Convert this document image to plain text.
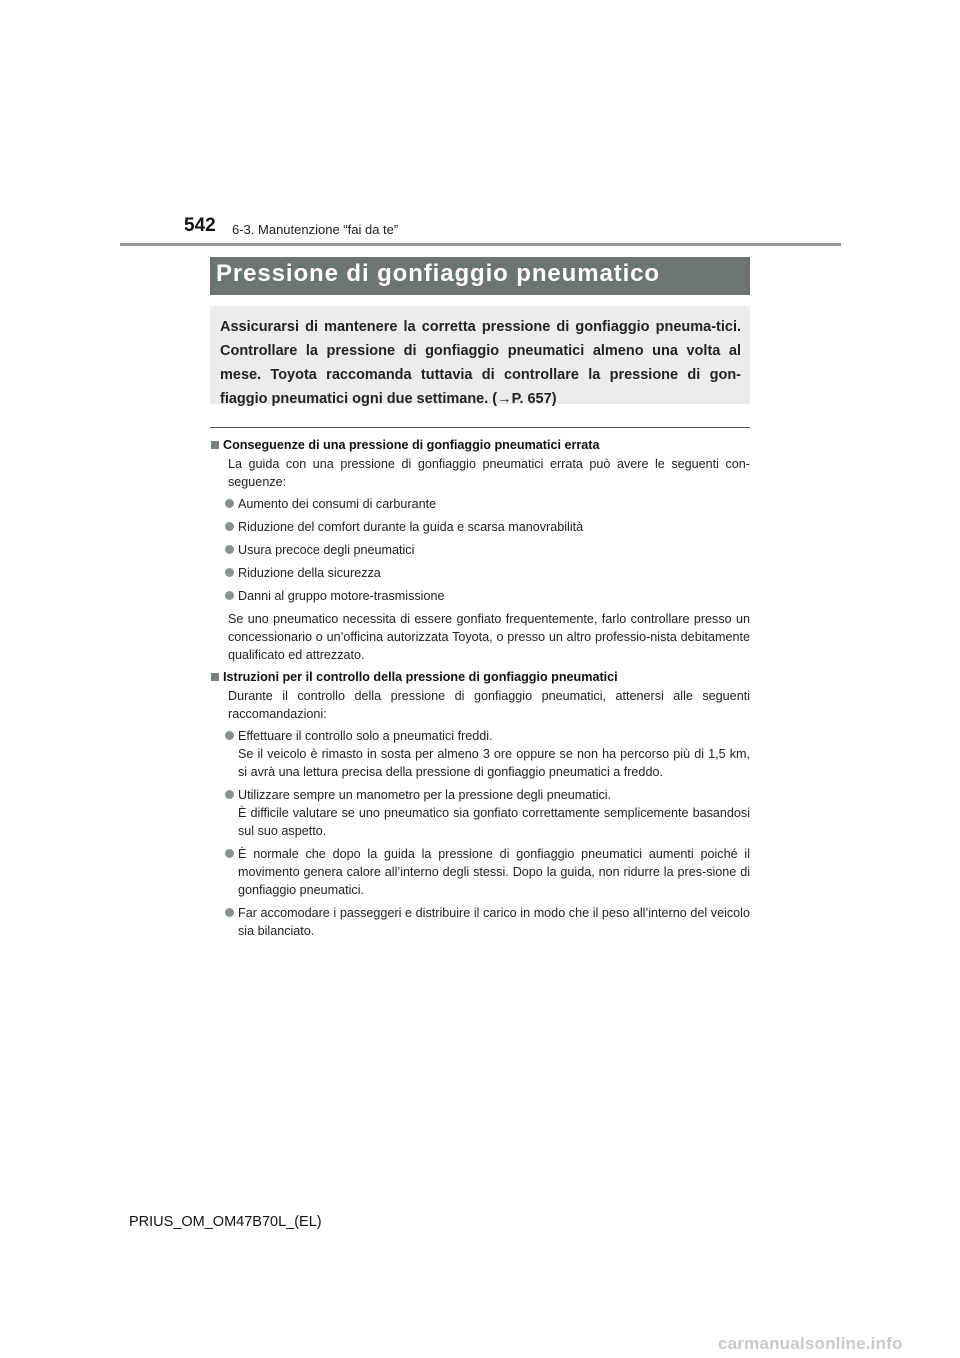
542 6-3. Manutenzione “fai da te”
Pressione di gonfiaggio pneumatico
Assicurarsi di mantenere la corretta pressione di gonfiaggio pneuma-tici. Controllare la pressione di gonfiaggio pneumatici almeno una volta al mese. Toyota raccomanda tuttavia di controllare la pressione di gon-fiaggio pneumatici ogni due settimane. (→P. 657)
Conseguenze di una pressione di gonfiaggio pneumatici errata
La guida con una pressione di gonfiaggio pneumatici errata può avere le seguenti con-seguenze:
Aumento dei consumi di carburante
Riduzione del comfort durante la guida e scarsa manovrabilità
Usura precoce degli pneumatici
Riduzione della sicurezza
Danni al gruppo motore-trasmissione
Se uno pneumatico necessita di essere gonfiato frequentemente, farlo controllare presso un concessionario o un’officina autorizzata Toyota, o presso un altro professio-nista debitamente qualificato ed attrezzato.
Istruzioni per il controllo della pressione di gonfiaggio pneumatici
Durante il controllo della pressione di gonfiaggio pneumatici, attenersi alle seguenti raccomandazioni:
Effettuare il controllo solo a pneumatici freddi.
Se il veicolo è rimasto in sosta per almeno 3 ore oppure se non ha percorso più di 1,5 km, si avrà una lettura precisa della pressione di gonfiaggio pneumatici a freddo.
Utilizzare sempre un manometro per la pressione degli pneumatici.
È difficile valutare se uno pneumatico sia gonfiato correttamente semplicemente basandosi sul suo aspetto.
È normale che dopo la guida la pressione di gonfiaggio pneumatici aumenti poiché il movimento genera calore all’interno degli stessi. Dopo la guida, non ridurre la pres-sione di gonfiaggio pneumatici.
Far accomodare i passeggeri e distribuire il carico in modo che il peso all’interno del veicolo sia bilanciato.
PRIUS_OM_OM47B70L_(EL)
carmanualsonline.info
